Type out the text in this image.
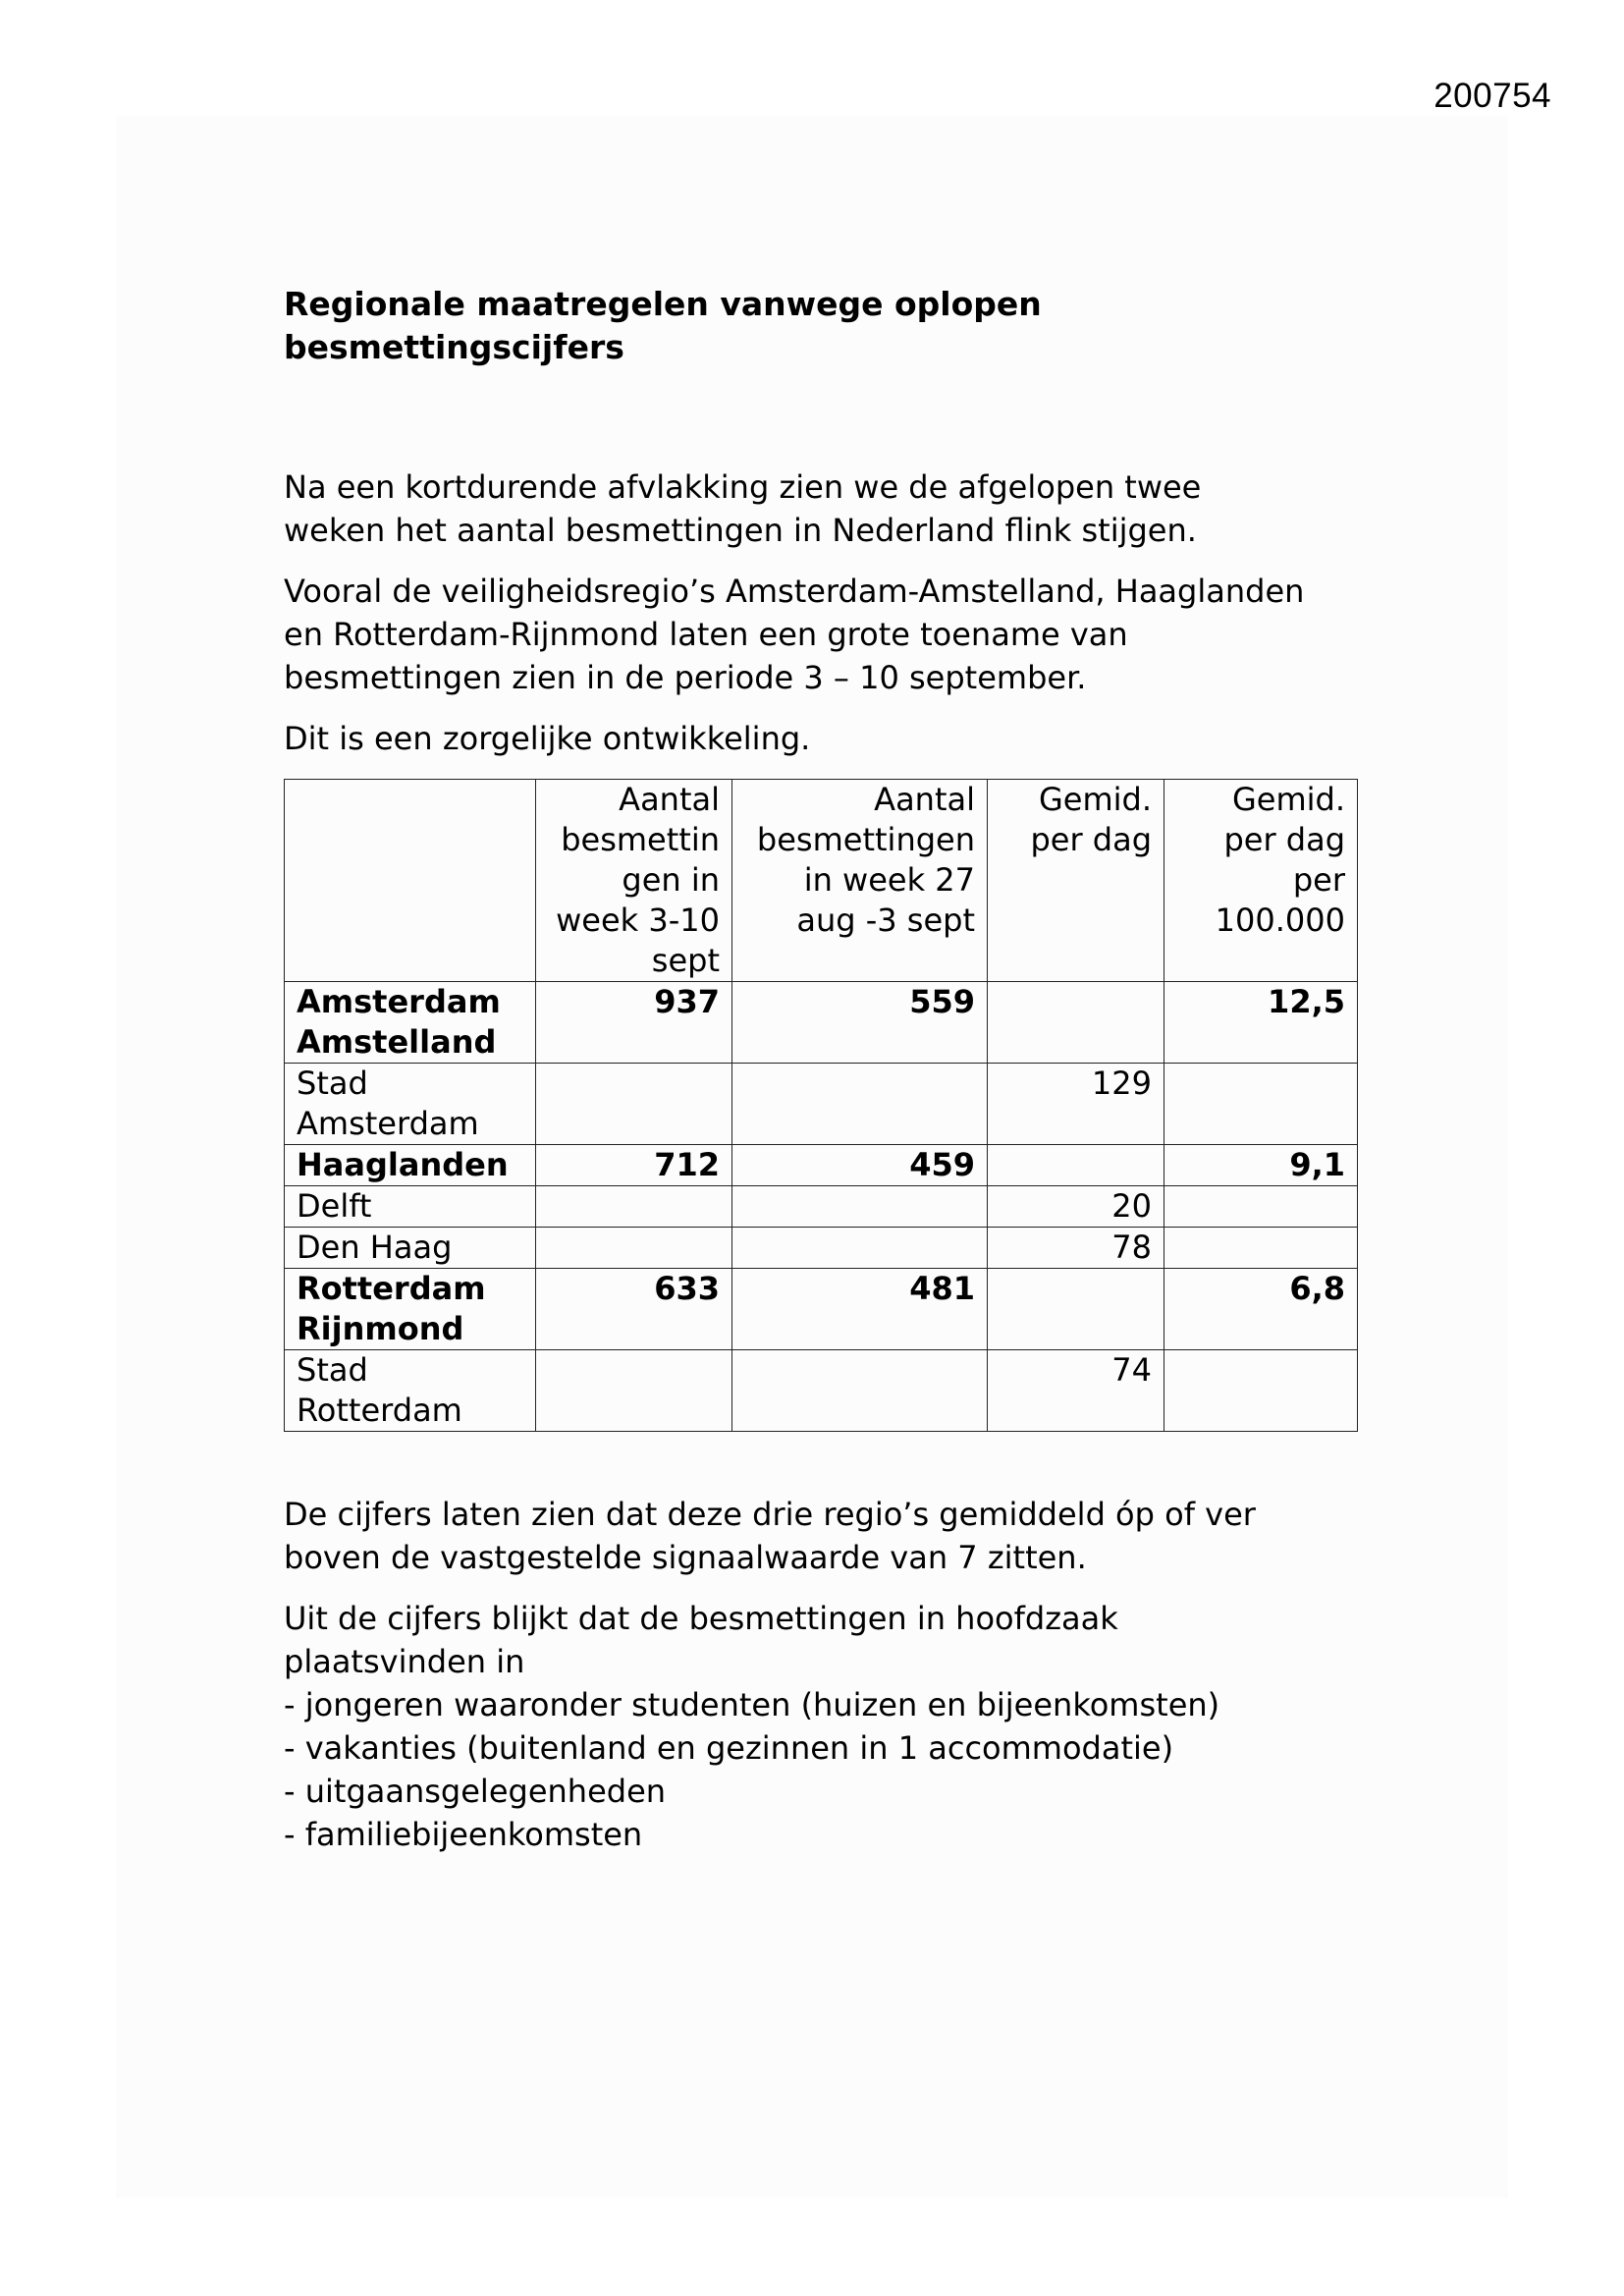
200754
Regionale maatregelen vanwege oplopen besmettingscijfers

Na een kortdurende afvlakking zien we de afgelopen twee weken het aantal besmettingen in Nederland flink stijgen.

Vooral de veiligheidsregio’s Amsterdam-Amstelland, Haaglanden en Rotterdam-Rijnmond laten een grote toename van besmettingen zien in de periode 3 – 10 september.

Dit is een zorgelijke ontwikkeling.

	Aantal besmettin gen in week 3-10 sept	Aantal besmettingen in week 27 aug -3 sept	Gemid. per dag	Gemid. per dag per 100.000
Amsterdam Amstelland	937	559		12,5
Stad Amsterdam			129	
Haaglanden	712	459		9,1
Delft			20	
Den Haag			78	
Rotterdam Rijnmond	633	481		6,8
Stad Rotterdam			74	

De cijfers laten zien dat deze drie regio’s gemiddeld óp of ver boven de vastgestelde signaalwaarde van 7 zitten.

Uit de cijfers blijkt dat de besmettingen in hoofdzaak plaatsvinden in

- jongeren waaronder studenten (huizen en bijeenkomsten)
- vakanties (buitenland en gezinnen in 1 accommodatie)
- uitgaansgelegenheden
- familiebijeenkomsten
